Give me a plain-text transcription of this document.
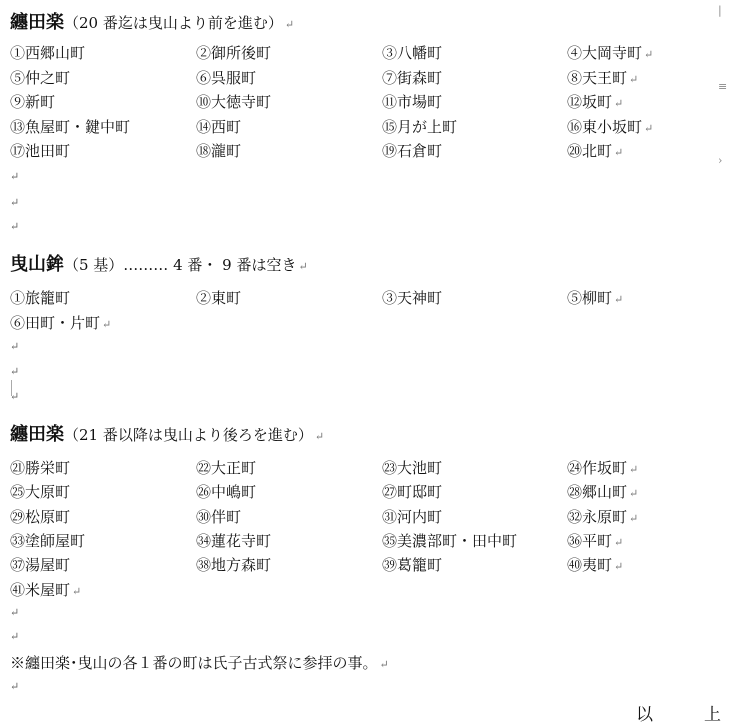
纏田楽（20 番迄は曳山より前を進む） ↵
①西郷山町	②御所後町	③八幡町	④大岡寺町 ↵
⑤仲之町	⑥呉服町	⑦街森町	⑧天王町 ↵
⑨新町	⑩大徳寺町	⑪市場町	⑫坂町 ↵
⑬魚屋町・鍵中町	⑭西町	⑮月が上町	⑯東小坂町 ↵
⑰池田町	⑱瀧町	⑲石倉町	⑳北町 ↵
↵
↵
↵
曳山鉾（5 基）……… 4 番・ 9 番は空き ↵
①旅籠町	②東町	③天神町	⑤柳町 ↵
⑥田町・片町 ↵
↵
↵
↵
纏田楽（21 番以降は曳山より後ろを進む） ↵
㉑勝栄町	㉒大正町	㉓大池町	㉔作坂町 ↵
㉕大原町	㉖中嶋町	㉗町邸町	㉘郷山町 ↵
㉙松原町	㉚伴町	㉛河内町	㉜永原町 ↵
㉝塗師屋町	㉞蓮花寺町	㉟美濃部町・田中町	㊱平町 ↵
㊲湯屋町	㊳地方森町	㊴葛籠町	㊵夷町 ↵
㊶米屋町 ↵
↵
↵
※纏田楽･曳山の各１番の町は氏子古式祭に参拝の事。 ↵
↵
以	上
|
≡
›
